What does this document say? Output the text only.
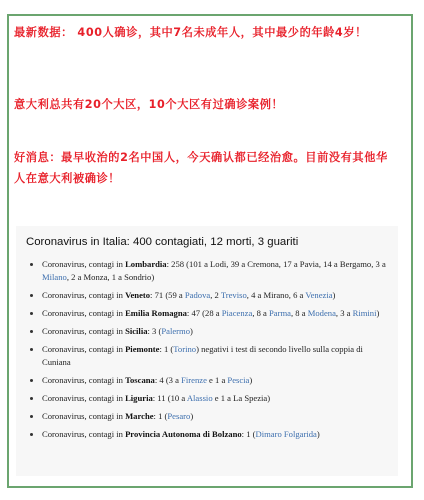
最新数据： 400人确诊，其中7名未成年人，其中最少的年龄4岁！

意大利总共有20个大区，10个大区有过确诊案例！

好消息：最早收治的2名中国人，今天确认都已经治愈。目前没有其他华人在意大利被确诊！

Coronavirus in Italia: 400 contagiati, 12 morti, 3 guariti
Coronavirus, contagi in Lombardia: 258 (101 a Lodi, 39 a Cremona, 17 a Pavia, 14 a Bergamo, 3 a Milano, 2 a Monza, 1 a Sondrio)
Coronavirus, contagi in Veneto: 71 (59 a Padova, 2 Treviso, 4 a Mirano, 6 a Venezia)
Coronavirus, contagi in Emilia Romagna: 47 (28 a Piacenza, 8 a Parma, 8 a Modena, 3 a Rimini)
Coronavirus, contagi in Sicilia: 3 (Palermo)
Coronavirus, contagi in Piemonte: 1 (Torino) negativi i test di secondo livello sulla coppia di Cuniana
Coronavirus, contagi in Toscana: 4 (3 a Firenze e 1 a Pescia)
Coronavirus, contagi in Liguria: 11 (10 a Alassio e 1 a La Spezia)
Coronavirus, contagi in Marche: 1 (Pesaro)
Coronavirus, contagi in Provincia Autonoma di Bolzano: 1 (Dimaro Folgarida)
